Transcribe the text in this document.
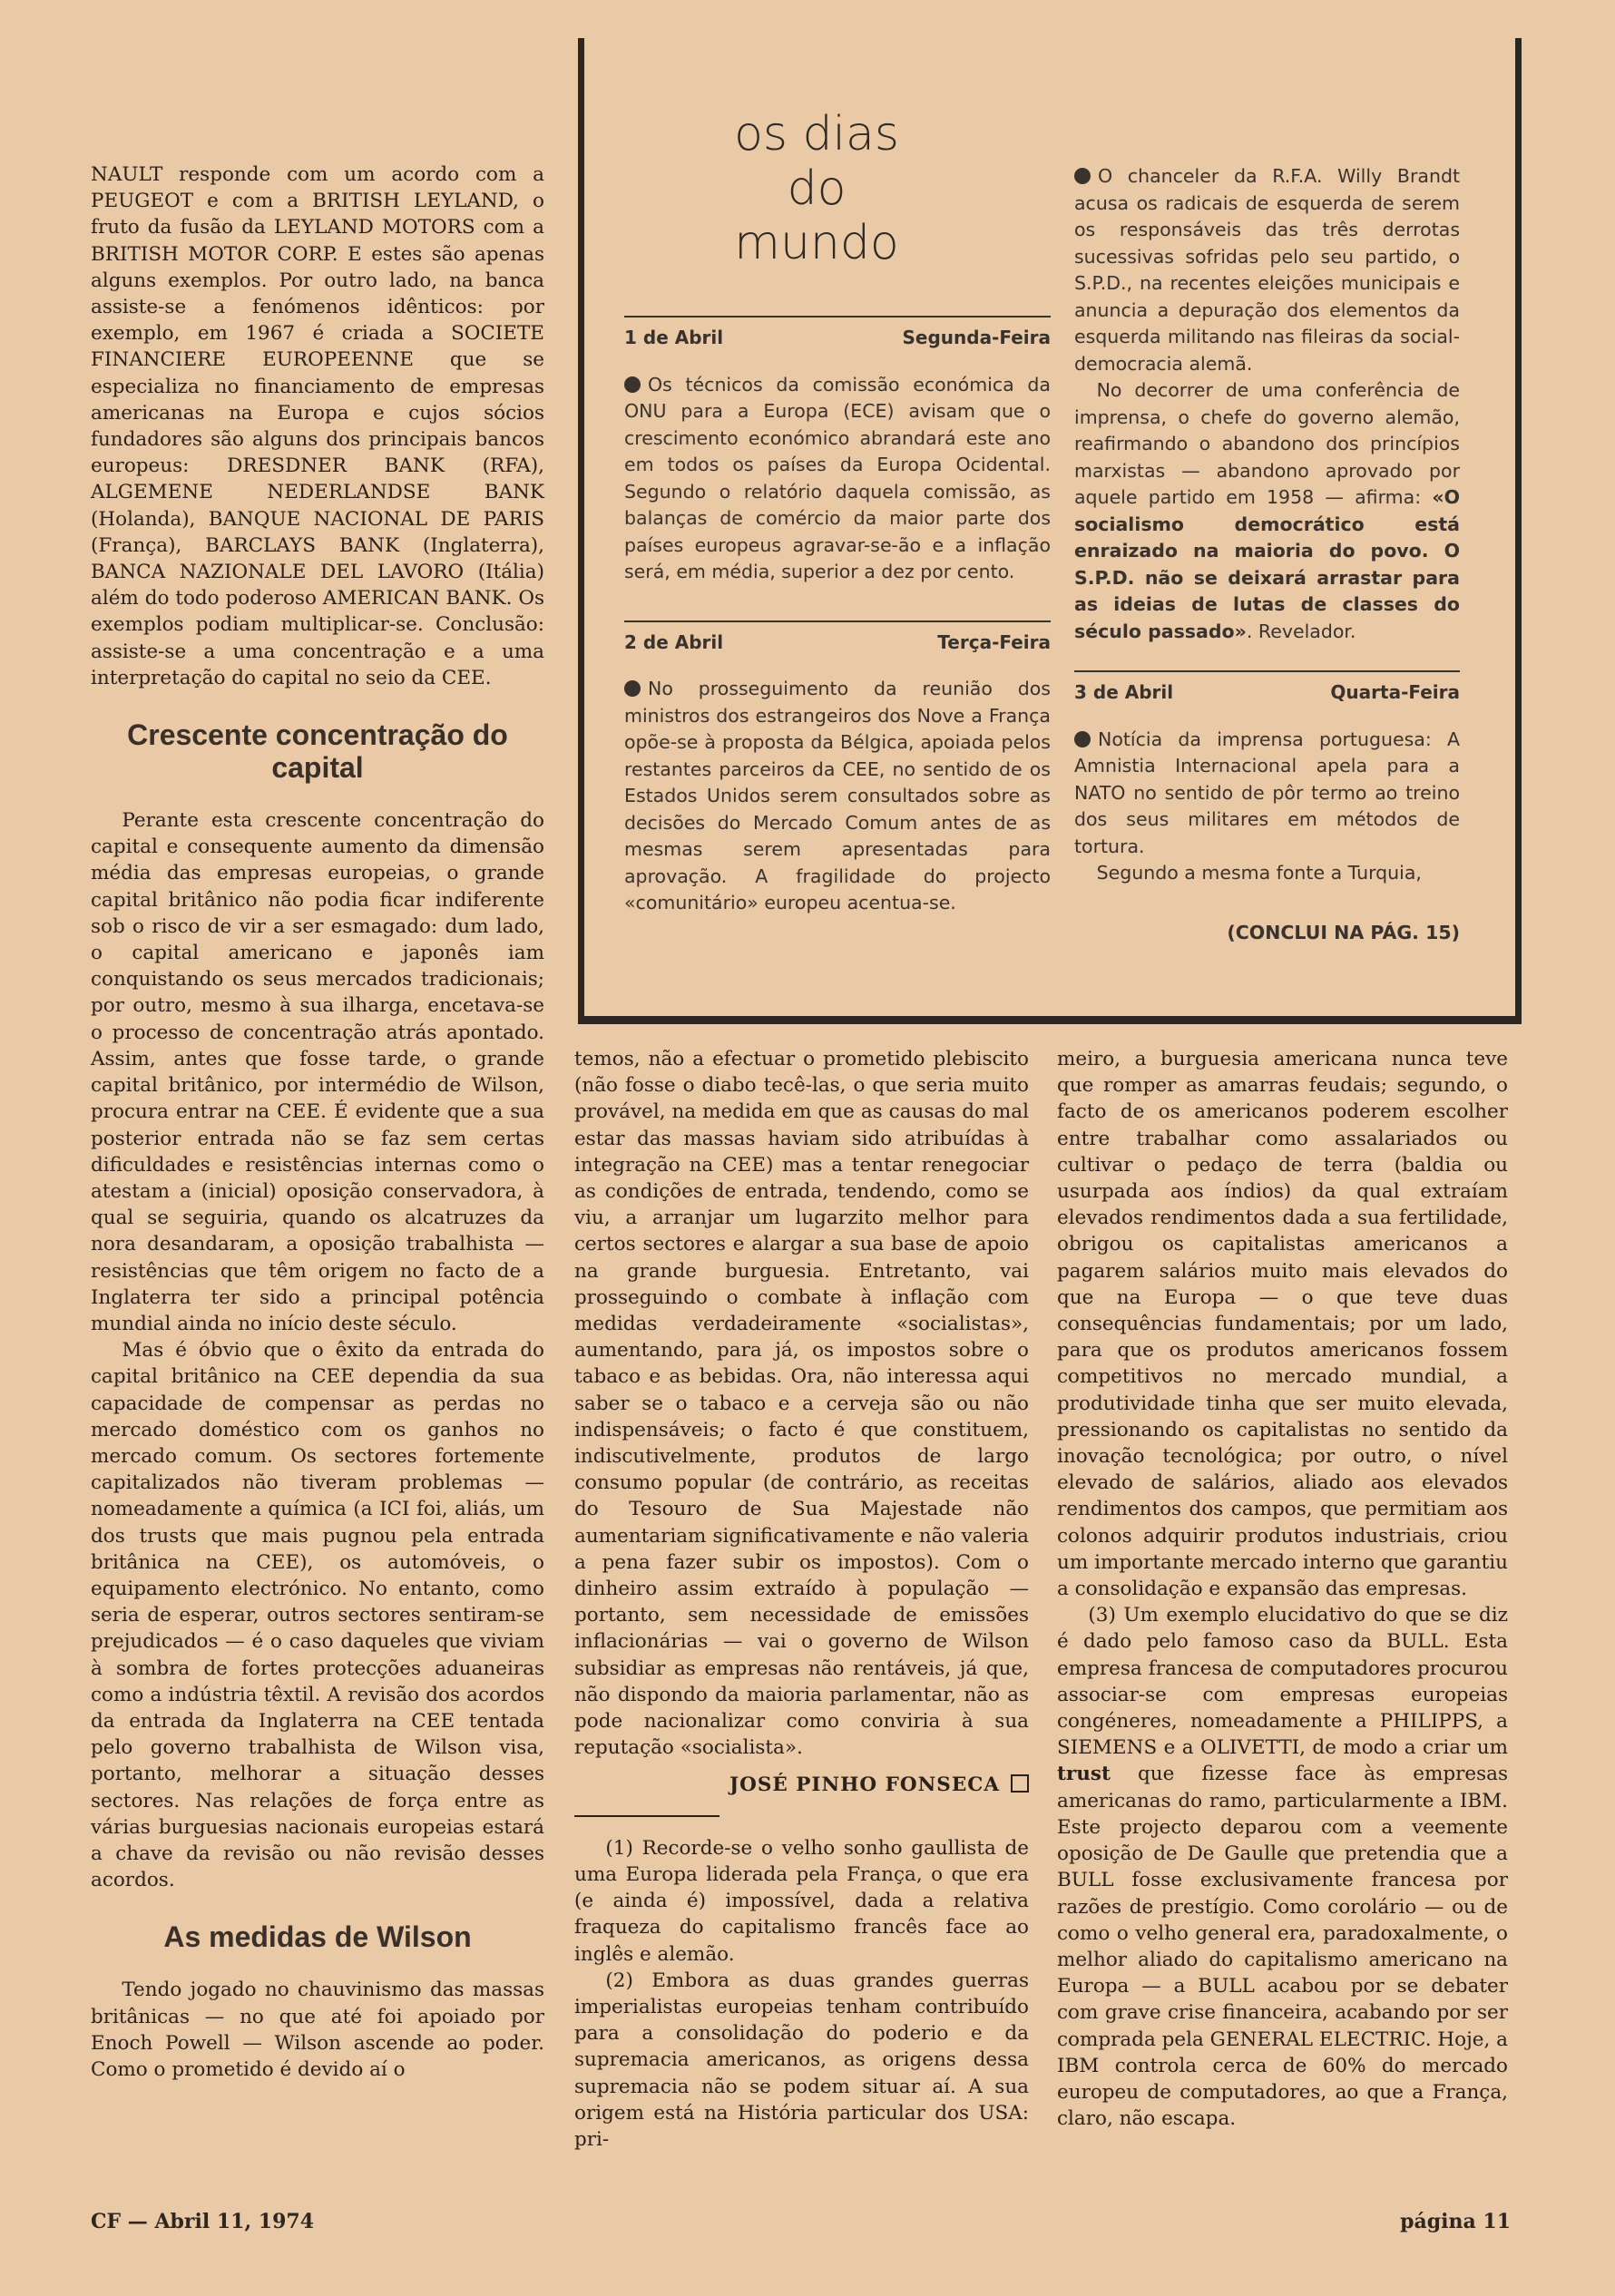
NAULT responde com um acordo com a PEUGEOT e com a BRITISH LEYLAND, o fruto da fusão da LEYLAND MOTORS com a BRITISH MOTOR CORP. E estes são apenas alguns exemplos. Por outro lado, na banca assiste-se a fenómenos idênticos: por exemplo, em 1967 é criada a SOCIETE FINANCIERE EUROPEENNE que se especializa no financiamento de empresas americanas na Europa e cujos sócios fundadores são alguns dos principais bancos europeus: DRESDNER BANK (RFA), ALGEMENE NEDERLANDSE BANK (Holanda), BANQUE NACIONAL DE PARIS (França), BARCLAYS BANK (Inglaterra), BANCA NAZIONALE DEL LAVORO (Itália) além do todo poderoso AMERICAN BANK. Os exemplos podiam multiplicar-se. Conclusão: assiste-se a uma concentração e a uma interpretação do capital no seio da CEE.

Crescente concentração do capital

Perante esta crescente concentração do capital e consequente aumento da dimensão média das empresas europeias, o grande capital britânico não podia ficar indiferente sob o risco de vir a ser esmagado: dum lado, o capital americano e japonês iam conquistando os seus mercados tradicionais; por outro, mesmo à sua ilharga, encetava-se o processo de concentração atrás apontado. Assim, antes que fosse tarde, o grande capital britânico, por intermédio de Wilson, procura entrar na CEE. É evidente que a sua posterior entrada não se faz sem certas dificuldades e resistências internas como o atestam a (inicial) oposição conservadora, à qual se seguiria, quando os alcatruzes da nora desandaram, a oposição trabalhista — resistências que têm origem no facto de a Inglaterra ter sido a principal potência mundial ainda no início deste século.

Mas é óbvio que o êxito da entrada do capital britânico na CEE dependia da sua capacidade de compensar as perdas no mercado doméstico com os ganhos no mercado comum. Os sectores fortemente capitalizados não tiveram problemas — nomeadamente a química (a ICI foi, aliás, um dos trusts que mais pugnou pela entrada britânica na CEE), os automóveis, o equipamento electrónico. No entanto, como seria de esperar, outros sectores sentiram-se prejudicados — é o caso daqueles que viviam à sombra de fortes protecções aduaneiras como a indústria têxtil. A revisão dos acordos da entrada da Inglaterra na CEE tentada pelo governo trabalhista de Wilson visa, portanto, melhorar a situação desses sectores. Nas relações de força entre as várias burguesias nacionais europeias estará a chave da revisão ou não revisão desses acordos.

As medidas de Wilson

Tendo jogado no chauvinismo das massas britânicas — no que até foi apoiado por Enoch Powell — Wilson ascende ao poder. Como o prometido é devido aí o

os dias do mundo
1 de Abril	Segunda-Feira

Os técnicos da comissão económica da ONU para a Europa (ECE) avisam que o crescimento económico abrandará este ano em todos os países da Europa Ocidental. Segundo o relatório daquela comissão, as balanças de comércio da maior parte dos países europeus agravar-se-ão e a inflação será, em média, superior a dez por cento.

2 de Abril	Terça-Feira

No prosseguimento da reunião dos ministros dos estrangeiros dos Nove a França opõe-se à proposta da Bélgica, apoiada pelos restantes parceiros da CEE, no sentido de os Estados Unidos serem consultados sobre as decisões do Mercado Comum antes de as mesmas serem apresentadas para aprovação. A fragilidade do projecto «comunitário» europeu acentua-se.

O chanceler da R.F.A. Willy Brandt acusa os radicais de esquerda de serem os responsáveis das três derrotas sucessivas sofridas pelo seu partido, o S.P.D., na recentes eleições municipais e anuncia a depuração dos elementos da esquerda militando nas fileiras da social-democracia alemã.

No decorrer de uma conferência de imprensa, o chefe do governo alemão, reafirmando o abandono dos princípios marxistas — abandono aprovado por aquele partido em 1958 — afirma: «O socialismo democrático está enraizado na maioria do povo. O S.P.D. não se deixará arrastar para as ideias de lutas de classes do século passado». Revelador.

3 de Abril	Quarta-Feira

Notícia da imprensa portuguesa: A Amnistia Internacional apela para a NATO no sentido de pôr termo ao treino dos seus militares em métodos de tortura.

Segundo a mesma fonte a Turquia,

(CONCLUI NA PÁG. 15)

temos, não a efectuar o prometido plebiscito (não fosse o diabo tecê-las, o que seria muito provável, na medida em que as causas do mal estar das massas haviam sido atribuídas à integração na CEE) mas a tentar renegociar as condições de entrada, tendendo, como se viu, a arranjar um lugarzito melhor para certos sectores e alargar a sua base de apoio na grande burguesia. Entretanto, vai prosseguindo o combate à inflação com medidas verdadeiramente «socialistas», aumentando, para já, os impostos sobre o tabaco e as bebidas. Ora, não interessa aqui saber se o tabaco e a cerveja são ou não indispensáveis; o facto é que constituem, indiscutivelmente, produtos de largo consumo popular (de contrário, as receitas do Tesouro de Sua Majestade não aumentariam significativamente e não valeria a pena fazer subir os impostos). Com o dinheiro assim extraído à população — portanto, sem necessidade de emissões inflacionárias — vai o governo de Wilson subsidiar as empresas não rentáveis, já que, não dispondo da maioria parlamentar, não as pode nacionalizar como conviria à sua reputação «socialista».

JOSÉ PINHO FONSECA

(1) Recorde-se o velho sonho gaullista de uma Europa liderada pela França, o que era (e ainda é) impossível, dada a relativa fraqueza do capitalismo francês face ao inglês e alemão.

(2) Embora as duas grandes guerras imperialistas europeias tenham contribuído para a consolidação do poderio e da supremacia americanos, as origens dessa supremacia não se podem situar aí. A sua origem está na História particular dos USA: pri-

meiro, a burguesia americana nunca teve que romper as amarras feudais; segundo, o facto de os americanos poderem escolher entre trabalhar como assalariados ou cultivar o pedaço de terra (baldia ou usurpada aos índios) da qual extraíam elevados rendimentos dada a sua fertilidade, obrigou os capitalistas americanos a pagarem salários muito mais elevados do que na Europa — o que teve duas consequências fundamentais; por um lado, para que os produtos americanos fossem competitivos no mercado mundial, a produtividade tinha que ser muito elevada, pressionando os capitalistas no sentido da inovação tecnológica; por outro, o nível elevado de salários, aliado aos elevados rendimentos dos campos, que permitiam aos colonos adquirir produtos industriais, criou um importante mercado interno que garantiu a consolidação e expansão das empresas.

(3) Um exemplo elucidativo do que se diz é dado pelo famoso caso da BULL. Esta empresa francesa de computadores procurou associar-se com empresas europeias congéneres, nomeadamente a PHILIPPS, a SIEMENS e a OLIVETTI, de modo a criar um trust que fizesse face às empresas americanas do ramo, particularmente a IBM. Este projecto deparou com a veemente oposição de De Gaulle que pretendia que a BULL fosse exclusivamente francesa por razões de prestígio. Como corolário — ou de como o velho general era, paradoxalmente, o melhor aliado do capitalismo americano na Europa — a BULL acabou por se debater com grave crise financeira, acabando por ser comprada pela GENERAL ELECTRIC. Hoje, a IBM controla cerca de 60% do mercado europeu de computadores, ao que a França, claro, não escapa.

CF — Abril 11, 1974	página 11
